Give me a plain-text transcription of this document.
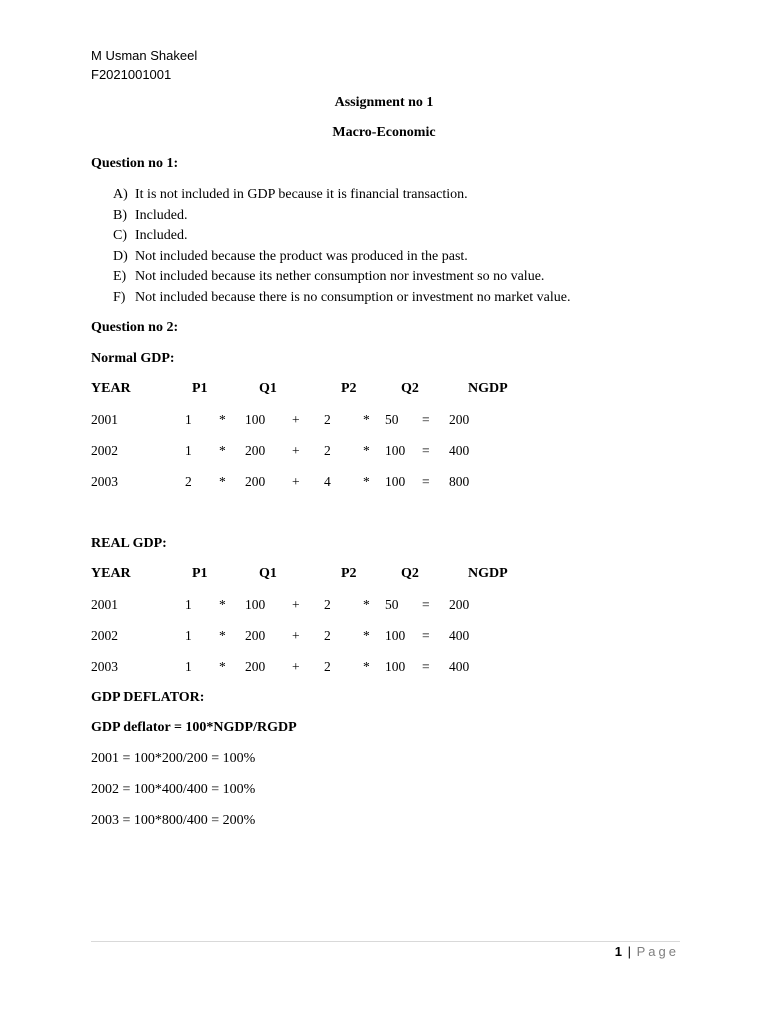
M Usman Shakeel
F2021001001
Assignment no 1
Macro-Economic
Question no 1:
A) It is not included in GDP because it is financial transaction.
B) Included.
C) Included.
D) Not included because the product was produced in the past.
E) Not included because its nether consumption nor investment so no value.
F) Not included because there is no consumption or investment no market value.
Question no 2:
Normal GDP:
YEAR	P1	Q1	P2	Q2	NGDP
2001	1 * 100 + 2 * 50 = 200
2002	1 * 200 + 2 * 100 = 400
2003	2 * 200 + 4 * 100 = 800
REAL GDP:
YEAR	P1	Q1	P2	Q2	NGDP
2001	1 * 100 + 2 * 50 = 200
2002	1 * 200 + 2 * 100 = 400
2003	1 * 200 + 2 * 100 = 400
GDP DEFLATOR:
GDP deflator = 100*NGDP/RGDP
2001 = 100*200/200 = 100%
2002 = 100*400/400 = 100%
2003 = 100*800/400 = 200%
1 | Page
